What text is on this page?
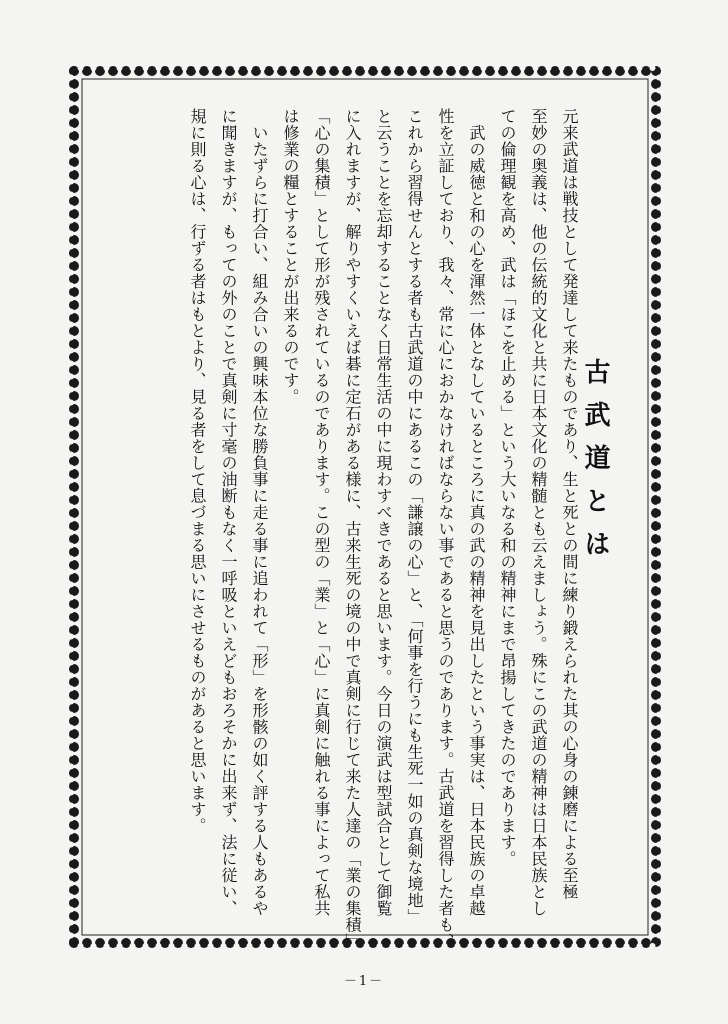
古武道とは
元来武道は戦技として発達して来たものであり、生と死との間に練り鍛えられた其の心身の錬磨による至極
至妙の奥義は、他の伝統的文化と共に日本文化の精髄とも云えましょう。殊にこの武道の精神は日本民族とし
ての倫理観を高め、武は「ほこを止める」という大いなる和の精神にまで昂揚してきたのであります。
　武の威徳と和の心を渾然一体となしているところに真の武の精神を見出したという事実は、日本民族の卓越
性を立証しており、我々、常に心におかなければならない事であると思うのであります。古武道を習得した者も、
これから習得せんとする者も古武道の中にあるこの「謙譲の心」と、「何事を行うにも生死一如の真剣な境地」
と云うことを忘却することなく日常生活の中に現わすべきであると思います。今日の演武は型試合として御覧
に入れますが、解りやすくいえば碁に定石がある様に、古来生死の境の中で真剣に行じて来た人達の「業の集積」
「心の集積」として形が残されているのであります。この型の「業」と「心」に真剣に触れる事によって私共
は修業の糧とすることが出来るのです。
　いたずらに打合い、組み合いの興味本位な勝負事に走る事に追われて「形」を形骸の如く評する人もあるや
に聞きますが、もっての外のことで真剣に寸毫の油断もなく一呼吸といえどもおろそかに出来ず、法に従い、
規に則る心は、行ずる者はもとより、見る者をして息づまる思いにさせるものがあると思います。
－1－
